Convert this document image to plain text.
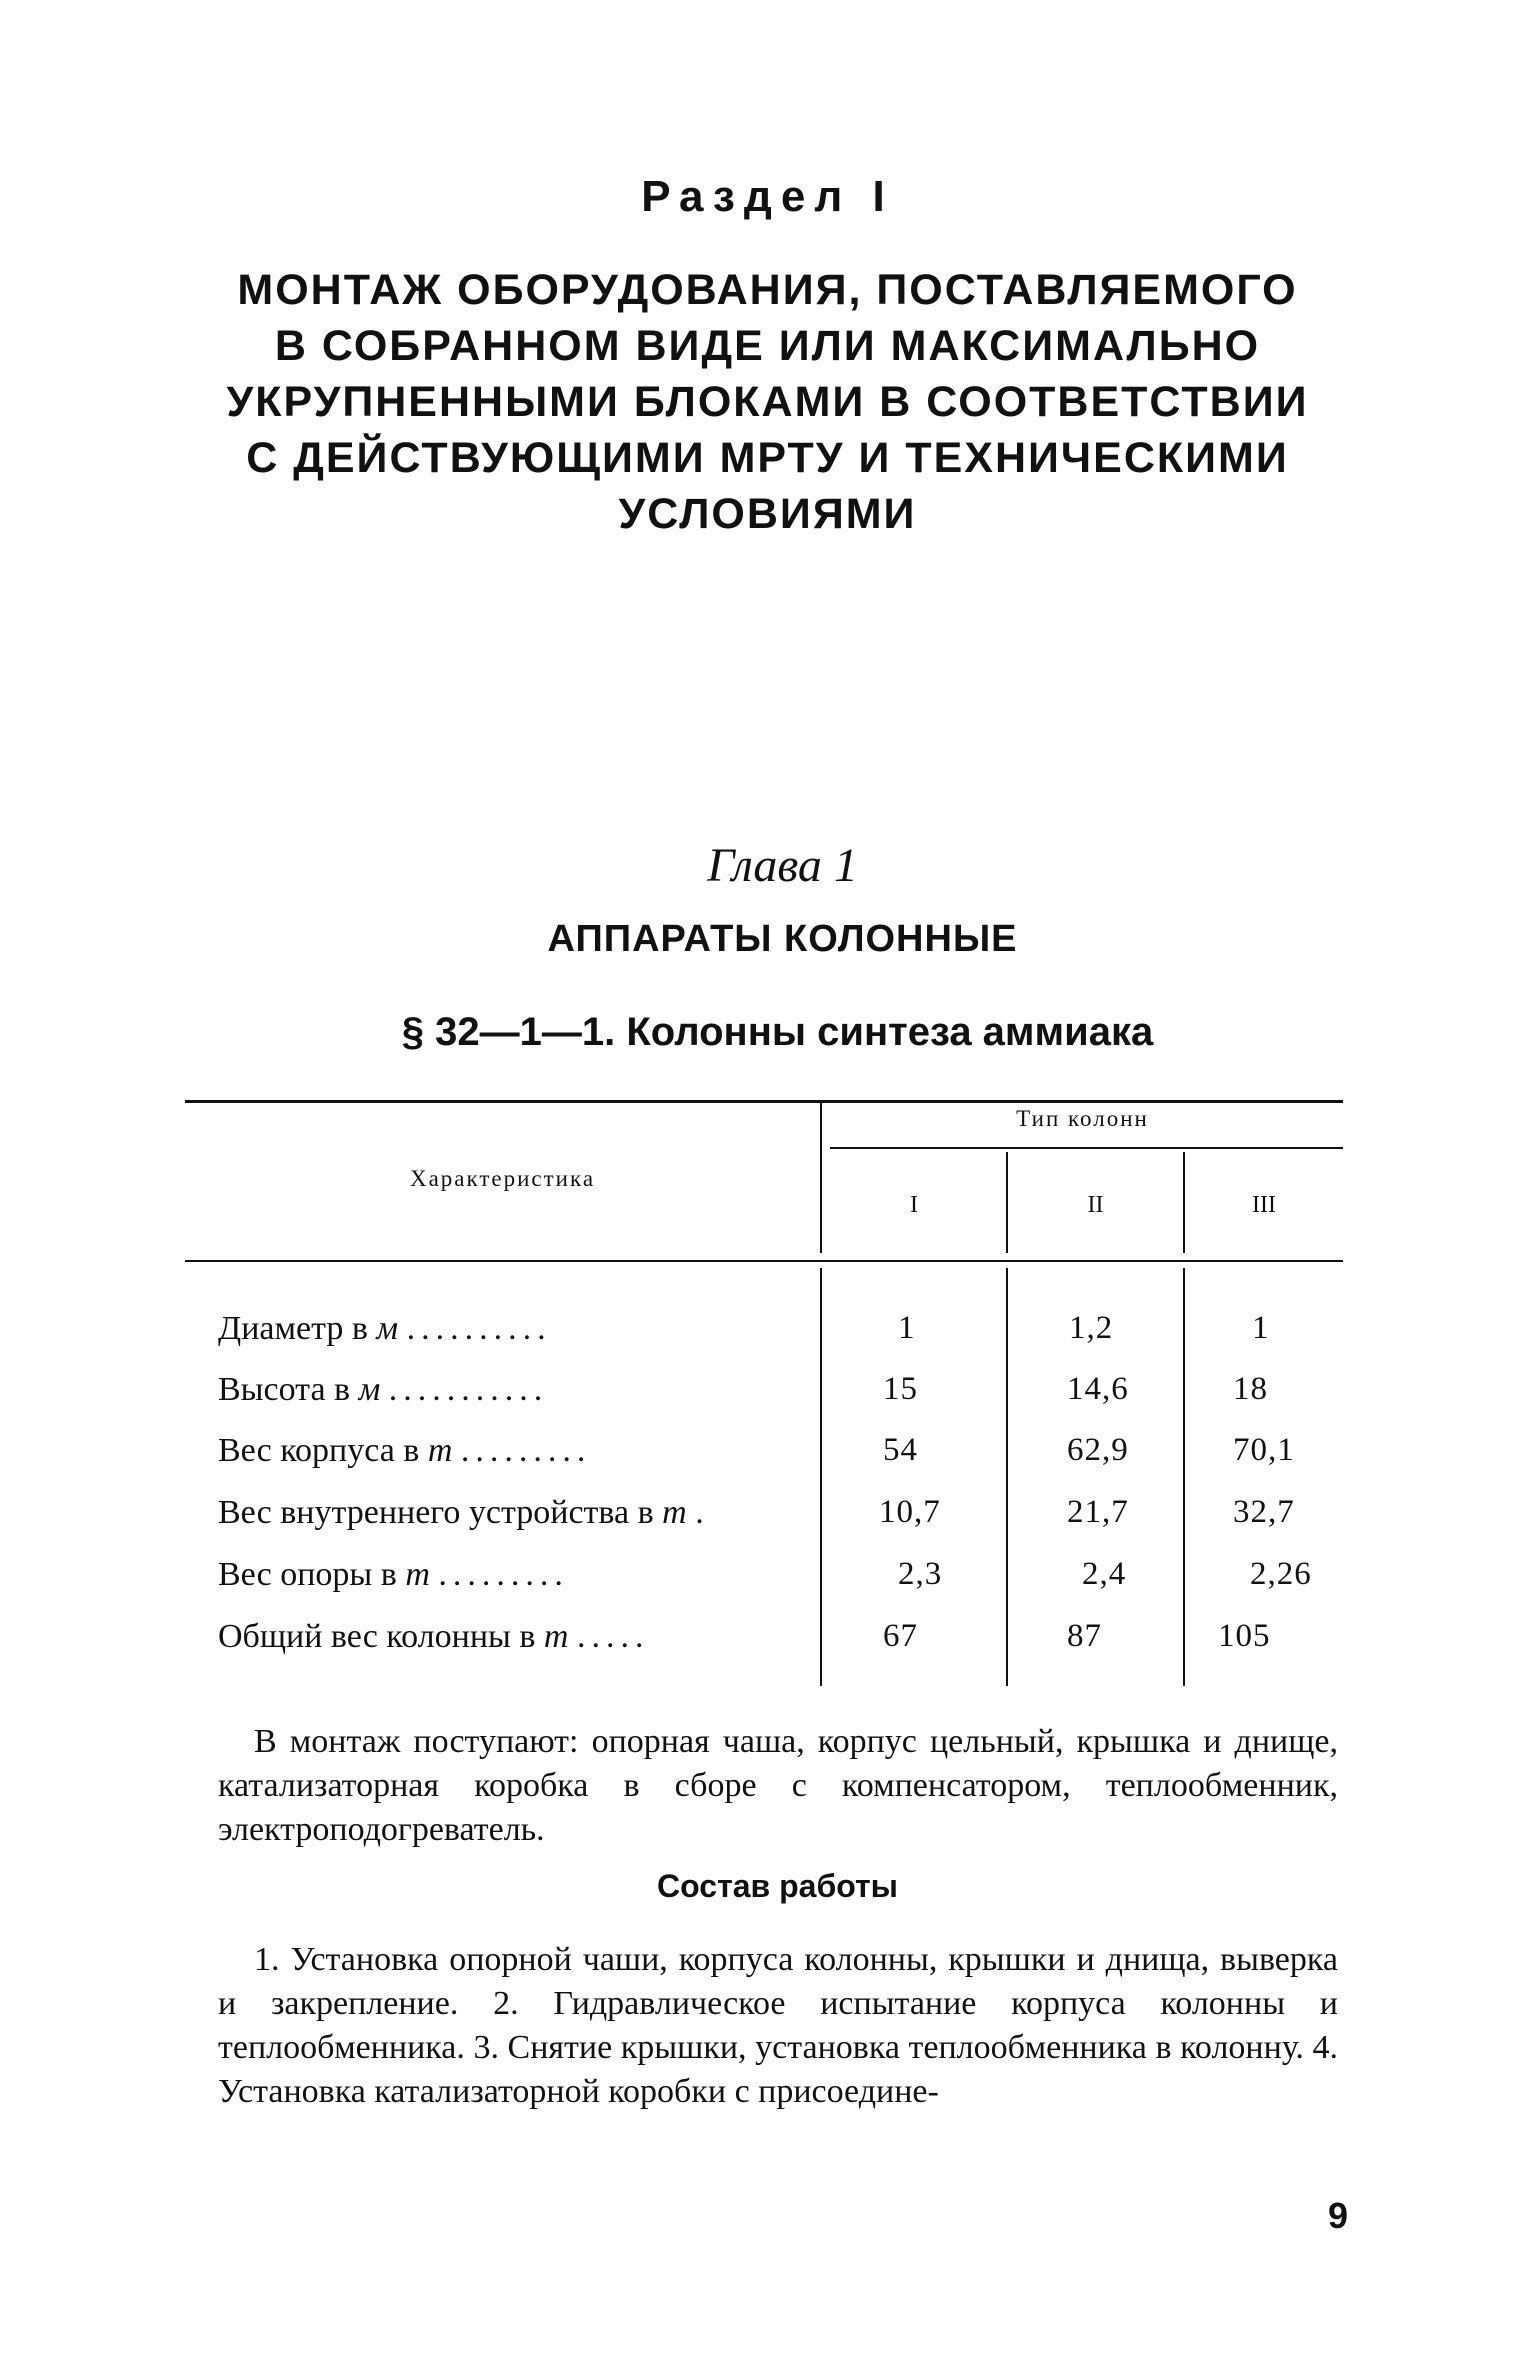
Раздел I
МОНТАЖ ОБОРУДОВАНИЯ, ПОСТАВЛЯЕМОГО
В СОБРАННОМ ВИДЕ ИЛИ МАКСИМАЛЬНО
УКРУПНЕННЫМИ БЛОКАМИ В СООТВЕТСТВИИ
С ДЕЙСТВУЮЩИМИ МРТУ И ТЕХНИЧЕСКИМИ
УСЛОВИЯМИ
Глава 1
АППАРАТЫ КОЛОННЫЕ
§ 32—1—1. Колонны синтеза аммиака
Характеристика
Тип колонн
I	II	III
Диаметр в м ..........	1	1,2	1
Высота в м ...........	15	14,6	18
Вес корпуса в т .........	54	62,9	70,1
Вес внутреннего устройства в т .	10,7	21,7	32,7
Вес опоры в т .........	2,3	2,4	2,26
Общий вес колонны в т .....	67	87	105
В монтаж поступают: опорная чаша, корпус цельный, крышка и днище, катализаторная коробка в сборе с компенсатором, теплообменник, электроподогреватель.
Состав работы
1. Установка опорной чаши, корпуса колонны, крышки и днища, выверка и закрепление. 2. Гидравлическое испытание корпуса колонны и теплообменника. 3. Снятие крышки, установка теплообменника в колонну. 4. Установка катализаторной коробки с присоедине-
9
